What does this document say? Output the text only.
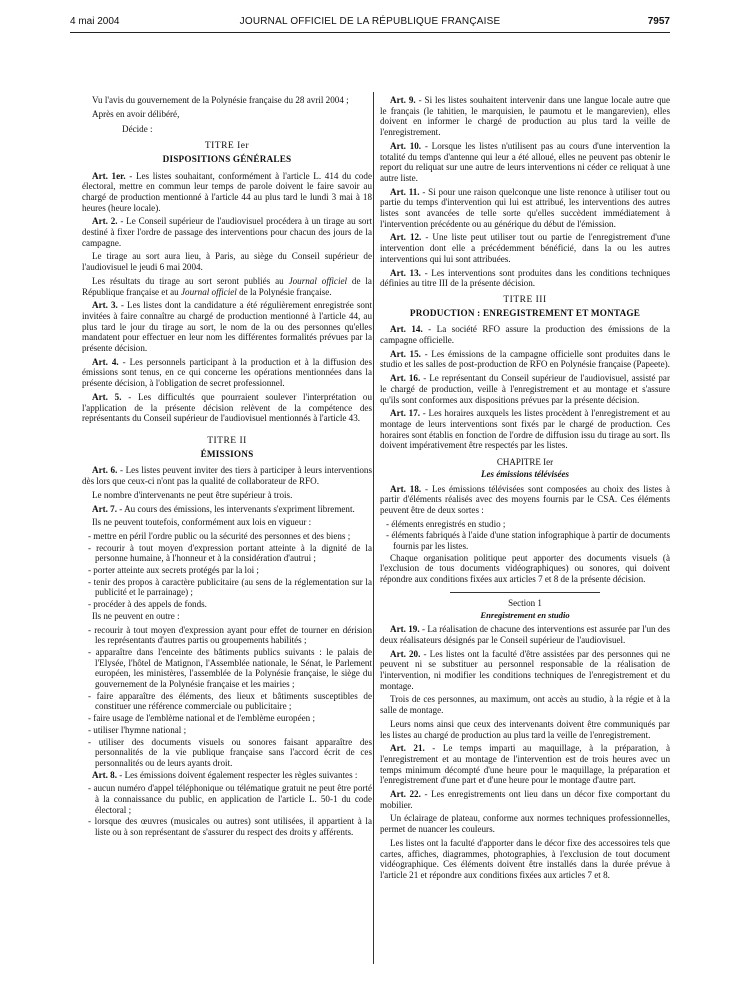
4 mai 2004	JOURNAL OFFICIEL DE LA RÉPUBLIQUE FRANÇAISE	7957

Vu l'avis du gouvernement de la Polynésie française du 28 avril 2004 ;

Après en avoir délibéré,

Décide :

TITRE Ier
DISPOSITIONS GÉNÉRALES

Art. 1er. - Les listes souhaitant, conformément à l'article L. 414 du code électoral, mettre en commun leur temps de parole doivent le faire savoir au chargé de production mentionné à l'article 44 au plus tard le lundi 3 mai à 18 heures (heure locale).

Art. 2. - Le Conseil supérieur de l'audiovisuel procédera à un tirage au sort destiné à fixer l'ordre de passage des interventions pour chacun des jours de la campagne.

Le tirage au sort aura lieu, à Paris, au siège du Conseil supérieur de l'audiovisuel le jeudi 6 mai 2004.

Les résultats du tirage au sort seront publiés au Journal officiel de la République française et au Journal officiel de la Polynésie française.

Art. 3. - Les listes dont la candidature a été régulièrement enregistrée sont invitées à faire connaître au chargé de production mentionné à l'article 44, au plus tard le jour du tirage au sort, le nom de la ou des personnes qu'elles mandatent pour effectuer en leur nom les différentes formalités prévues par la présente décision.

Art. 4. - Les personnels participant à la production et à la diffusion des émissions sont tenus, en ce qui concerne les opérations mentionnées dans la présente décision, à l'obligation de secret professionnel.

Art. 5. - Les difficultés que pourraient soulever l'interprétation ou l'application de la présente décision relèvent de la compétence des représentants du Conseil supérieur de l'audiovisuel mentionnés à l'article 43.

TITRE II
ÉMISSIONS

Art. 6. - Les listes peuvent inviter des tiers à participer à leurs interventions dès lors que ceux-ci n'ont pas la qualité de collaborateur de RFO.

Le nombre d'intervenants ne peut être supérieur à trois.

Art. 7. - Au cours des émissions, les intervenants s'expriment librement.

Ils ne peuvent toutefois, conformément aux lois en vigueur :

- mettre en péril l'ordre public ou la sécurité des personnes et des biens ;

- recourir à tout moyen d'expression portant atteinte à la dignité de la personne humaine, à l'honneur et à la considération d'autrui ;

- porter atteinte aux secrets protégés par la loi ;

- tenir des propos à caractère publicitaire (au sens de la réglementation sur la publicité et le parrainage) ;

- procéder à des appels de fonds.

Ils ne peuvent en outre :

- recourir à tout moyen d'expression ayant pour effet de tourner en dérision les représentants d'autres partis ou groupements habilités ;

- apparaître dans l'enceinte des bâtiments publics suivants : le palais de l'Elysée, l'hôtel de Matignon, l'Assemblée nationale, le Sénat, le Parlement européen, les ministères, l'assemblée de la Polynésie française, le siège du gouvernement de la Polynésie française et les mairies ;

- faire apparaître des éléments, des lieux et bâtiments susceptibles de constituer une référence commerciale ou publicitaire ;

- faire usage de l'emblème national et de l'emblème européen ;

- utiliser l'hymne national ;

- utiliser des documents visuels ou sonores faisant apparaître des personnalités de la vie publique française sans l'accord écrit de ces personnalités ou de leurs ayants droit.

Art. 8. - Les émissions doivent également respecter les règles suivantes :

- aucun numéro d'appel téléphonique ou télématique gratuit ne peut être porté à la connaissance du public, en application de l'article L. 50-1 du code électoral ;

- lorsque des œuvres (musicales ou autres) sont utilisées, il appartient à la liste ou à son représentant de s'assurer du respect des droits y afférents.

Art. 9. - Si les listes souhaitent intervenir dans une langue locale autre que le français (le tahitien, le marquisien, le paumotu et le mangarevien), elles doivent en informer le chargé de production au plus tard la veille de l'enregistrement.

Art. 10. - Lorsque les listes n'utilisent pas au cours d'une intervention la totalité du temps d'antenne qui leur a été alloué, elles ne peuvent pas obtenir le report du reliquat sur une autre de leurs interventions ni céder ce reliquat à une autre liste.

Art. 11. - Si pour une raison quelconque une liste renonce à utiliser tout ou partie du temps d'intervention qui lui est attribué, les interventions des autres listes sont avancées de telle sorte qu'elles succèdent immédiatement à l'intervention précédente ou au générique du début de l'émission.

Art. 12. - Une liste peut utiliser tout ou partie de l'enregistrement d'une intervention dont elle a précédemment bénéficié, dans la ou les autres interventions qui lui sont attribuées.

Art. 13. - Les interventions sont produites dans les conditions techniques définies au titre III de la présente décision.

TITRE III
PRODUCTION : ENREGISTREMENT ET MONTAGE

Art. 14. - La société RFO assure la production des émissions de la campagne officielle.

Art. 15. - Les émissions de la campagne officielle sont produites dans le studio et les salles de post-production de RFO en Polynésie française (Papeete).

Art. 16. - Le représentant du Conseil supérieur de l'audiovisuel, assisté par le chargé de production, veille à l'enregistrement et au montage et s'assure qu'ils sont conformes aux dispositions prévues par la présente décision.

Art. 17. - Les horaires auxquels les listes procèdent à l'enregistrement et au montage de leurs interventions sont fixés par le chargé de production. Ces horaires sont établis en fonction de l'ordre de diffusion issu du tirage au sort. Ils doivent impérativement être respectés par les listes.

CHAPITRE Ier
Les émissions télévisées

Art. 18. - Les émissions télévisées sont composées au choix des listes à partir d'éléments réalisés avec des moyens fournis par le CSA. Ces éléments peuvent être de deux sortes :

- éléments enregistrés en studio ;

- éléments fabriqués à l'aide d'une station infographique à partir de documents fournis par les listes.

Chaque organisation politique peut apporter des documents visuels (à l'exclusion de tous documents vidéographiques) ou sonores, qui doivent répondre aux conditions fixées aux articles 7 et 8 de la présente décision.

Section 1
Enregistrement en studio

Art. 19. - La réalisation de chacune des interventions est assurée par l'un des deux réalisateurs désignés par le Conseil supérieur de l'audiovisuel.

Art. 20. - Les listes ont la faculté d'être assistées par des personnes qui ne peuvent ni se substituer au personnel responsable de la réalisation de l'intervention, ni modifier les conditions techniques de l'enregistrement et du montage.

Trois de ces personnes, au maximum, ont accès au studio, à la régie et à la salle de montage.

Leurs noms ainsi que ceux des intervenants doivent être communiqués par les listes au chargé de production au plus tard la veille de l'enregistrement.

Art. 21. - Le temps imparti au maquillage, à la préparation, à l'enregistrement et au montage de l'intervention est de trois heures avec un temps minimum décompté d'une heure pour le maquillage, la préparation et l'enregistrement d'une part et d'une heure pour le montage d'autre part.

Art. 22. - Les enregistrements ont lieu dans un décor fixe comportant du mobilier.

Un éclairage de plateau, conforme aux normes techniques professionnelles, permet de nuancer les couleurs.

Les listes ont la faculté d'apporter dans le décor fixe des accessoires tels que cartes, affiches, diagrammes, photographies, à l'exclusion de tout document vidéographique. Ces éléments doivent être installés dans la durée prévue à l'article 21 et répondre aux conditions fixées aux articles 7 et 8.
